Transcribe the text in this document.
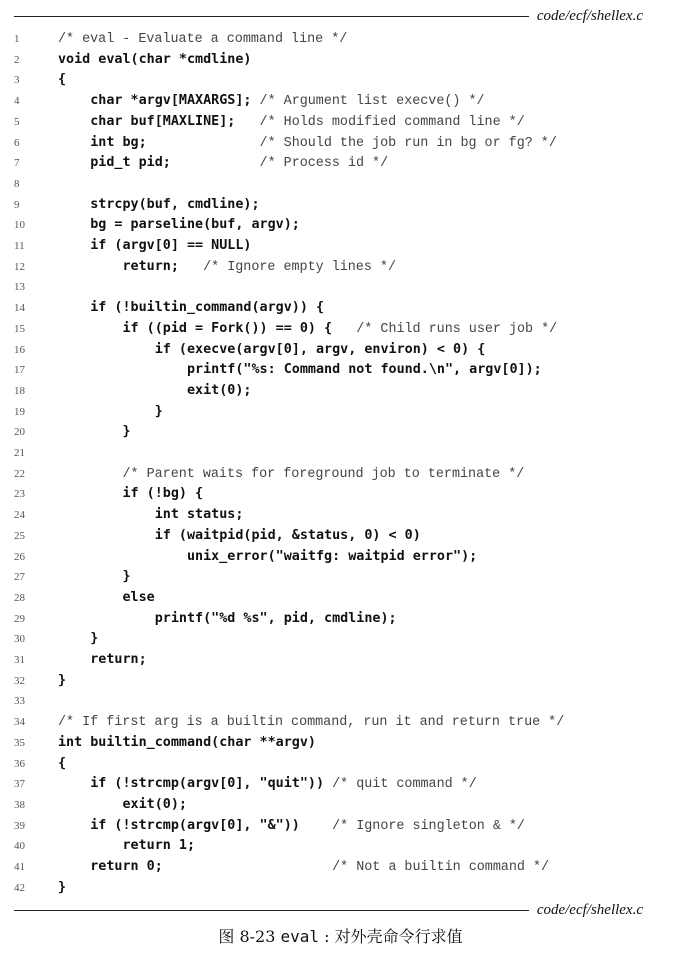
code/ecf/shellex.c
1	/* eval - Evaluate a command line */
2	void eval(char *cmdline)
3	{
4	char *argv[MAXARGS]; /* Argument list execve() */
5	char buf[MAXLINE];   /* Holds modified command line */
6	int bg;              /* Should the job run in bg or fg? */
7	pid_t pid;           /* Process id */
8
9	strcpy(buf, cmdline);
10	bg = parseline(buf, argv);
11	if (argv[0] == NULL)
12	return;   /* Ignore empty lines */
13
14	if (!builtin_command(argv)) {
15	if ((pid = Fork()) == 0) {   /* Child runs user job */
16	if (execve(argv[0], argv, environ) < 0) {
17	printf("%s: Command not found.\n", argv[0]);
18	exit(0);
19	}
20	}
21
22	/* Parent waits for foreground job to terminate */
23	if (!bg) {
24	int status;
25	if (waitpid(pid, &status, 0) < 0)
26	unix_error("waitfg: waitpid error");
27	}
28	else
29	printf("%d %s", pid, cmdline);
30	}
31	return;
32	}
33
34	/* If first arg is a builtin command, run it and return true */
35	int builtin_command(char **argv)
36	{
37	if (!strcmp(argv[0], "quit")) /* quit command */
38	exit(0);
39	if (!strcmp(argv[0], "&"))    /* Ignore singleton & */
40	return 1;
41	return 0;                     /* Not a builtin command */
42	}
code/ecf/shellex.c
图 8-23 eval : 对外壳命令行求值
